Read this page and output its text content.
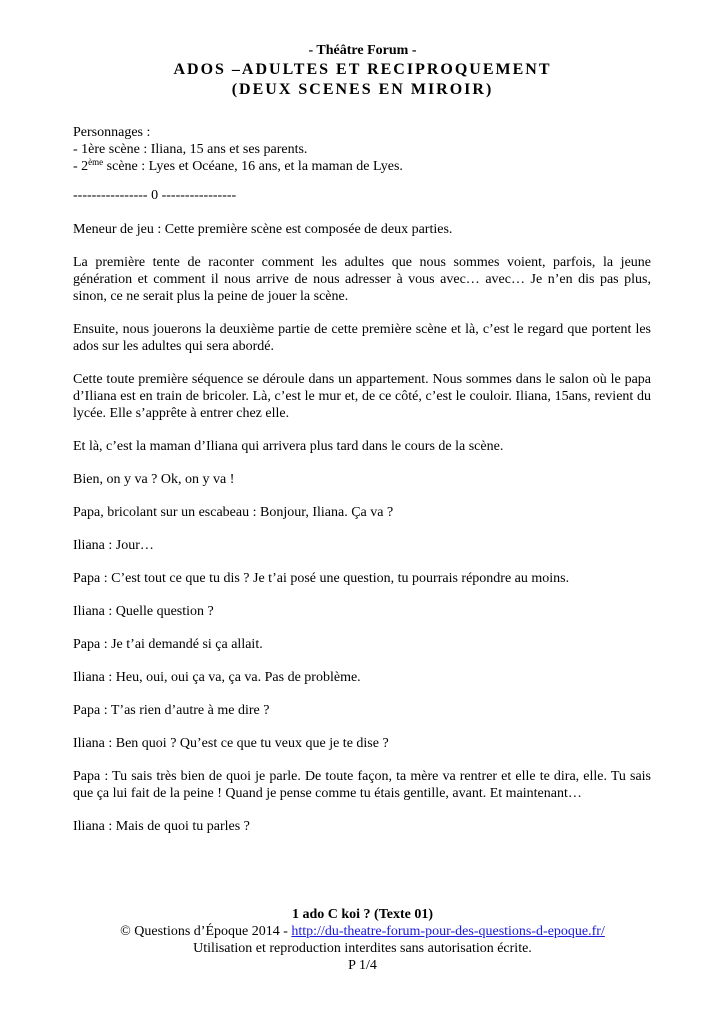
- Théâtre Forum -
ADOS –ADULTES ET RECIPROQUEMENT
(DEUX SCENES EN MIROIR)
Personnages :
- 1ère scène : Iliana, 15 ans et ses parents.
- 2ème scène : Lyes et Océane, 16 ans, et la maman de Lyes.

---------------- 0 ----------------

Meneur de jeu : Cette première scène est composée de deux parties.

La première tente de raconter comment les adultes que nous sommes voient, parfois, la jeune génération et comment il nous arrive de nous adresser à vous avec… avec… Je n’en dis pas plus, sinon, ce ne serait plus la peine de jouer la scène.

Ensuite, nous jouerons la deuxième partie de cette première scène et là, c’est le regard que portent les ados sur les adultes qui sera abordé.

Cette toute première séquence se déroule dans un appartement. Nous sommes dans le salon où le papa d’Iliana est en train de bricoler. Là, c’est le mur et, de ce côté, c’est le couloir. Iliana, 15ans, revient du lycée. Elle s’apprête à entrer chez elle.

Et là, c’est la maman d’Iliana qui arrivera plus tard dans le cours de la scène.

Bien, on y va ? Ok, on y va !

Papa, bricolant sur un escabeau : Bonjour, Iliana. Ça va ?

Iliana : Jour…

Papa : C’est tout ce que tu dis ? Je t’ai posé une question, tu pourrais répondre au moins.

Iliana : Quelle question ?

Papa : Je t’ai demandé si ça allait.

Iliana : Heu, oui, oui ça va, ça va. Pas de problème.

Papa : T’as rien d’autre à me dire ?

Iliana : Ben quoi ? Qu’est ce que tu veux que je te dise ?

Papa : Tu sais très bien de quoi je parle. De toute façon, ta mère va rentrer et elle te dira, elle. Tu sais que ça lui fait de la peine ! Quand je pense comme tu étais gentille, avant. Et maintenant…

Iliana : Mais de quoi tu parles ?

1 ado C koi ? (Texte 01)
© Questions d’Époque 2014 - http://du-theatre-forum-pour-des-questions-d-epoque.fr/
Utilisation et reproduction interdites sans autorisation écrite.
P 1/4
